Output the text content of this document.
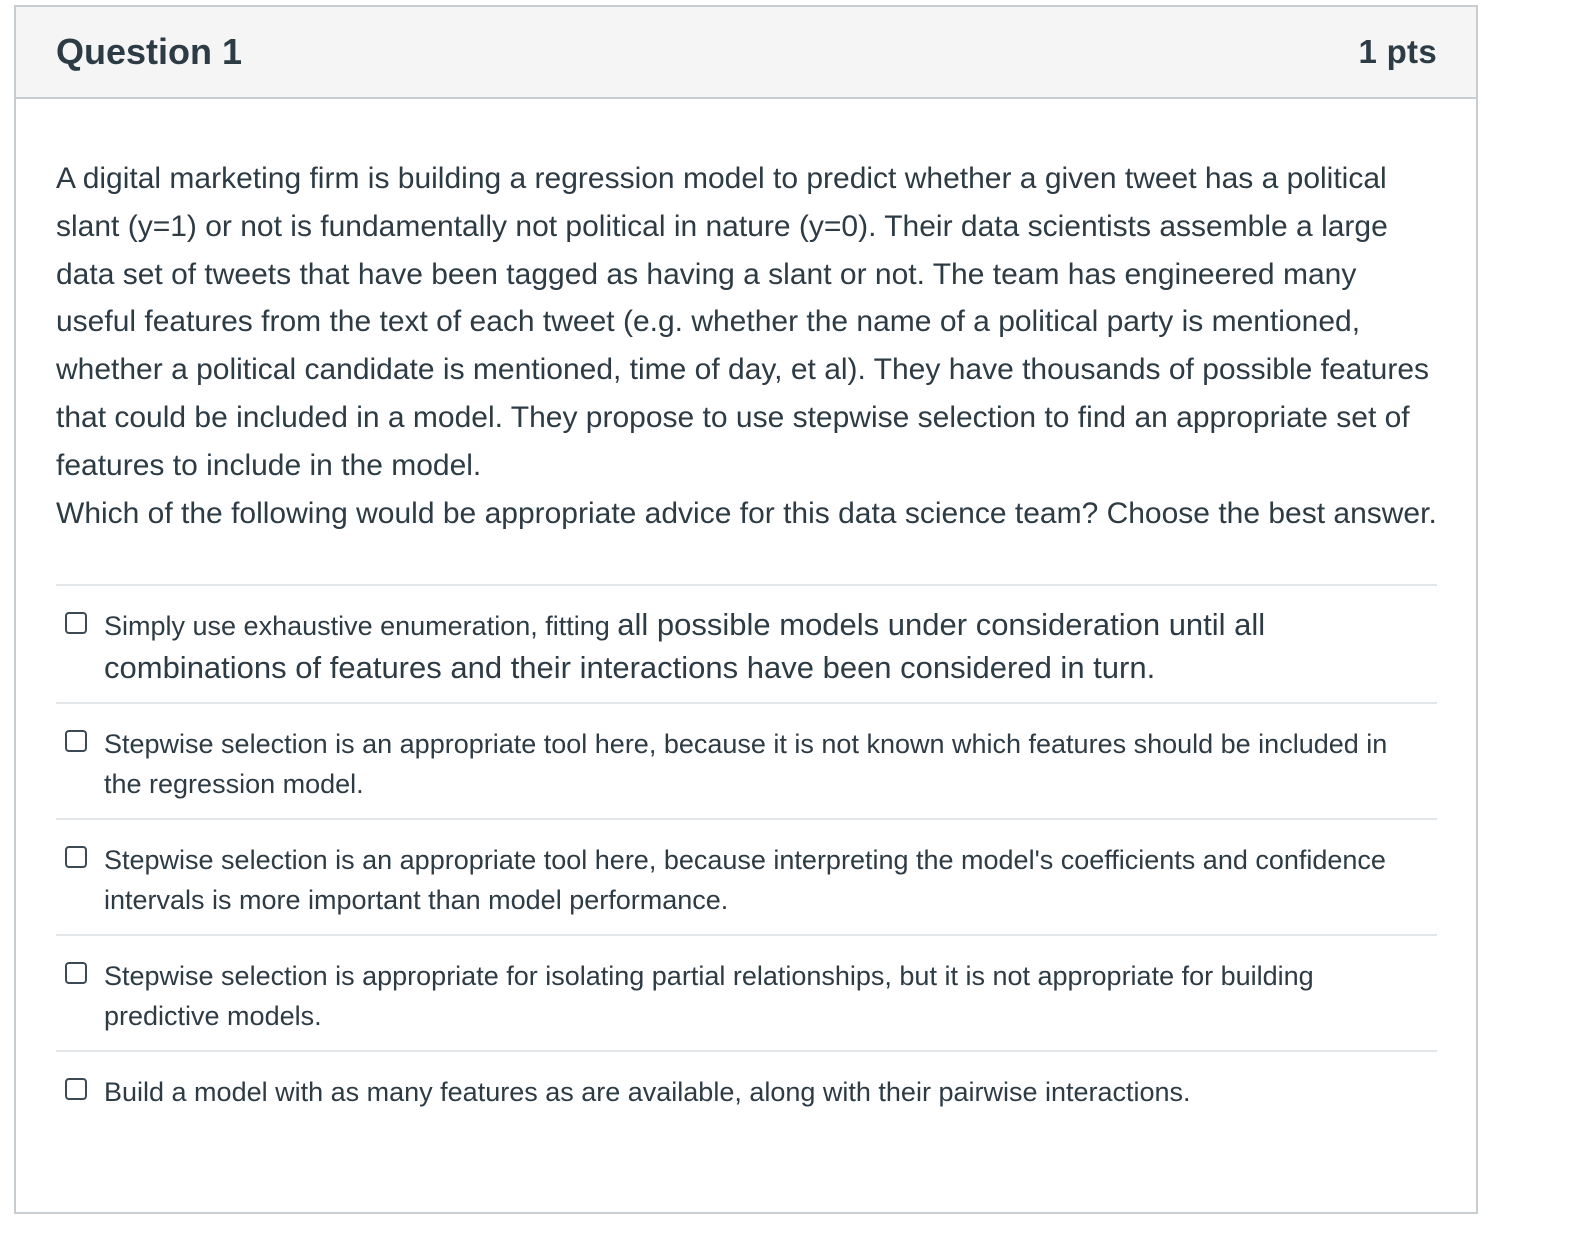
Question 1	1 pts

A digital marketing firm is building a regression model to predict whether a given tweet has a political slant (y=1) or not is fundamentally not political in nature (y=0). Their data scientists assemble a large data set of tweets that have been tagged as having a slant or not. The team has engineered many useful features from the text of each tweet (e.g. whether the name of a political party is mentioned, whether a political candidate is mentioned, time of day, et al). They have thousands of possible features that could be included in a model. They propose to use stepwise selection to find an appropriate set of features to include in the model.

Which of the following would be appropriate advice for this data science team? Choose the best answer.

Simply use exhaustive enumeration, fitting all possible models under consideration until all combinations of features and their interactions have been considered in turn.
Stepwise selection is an appropriate tool here, because it is not known which features should be included in the regression model.
Stepwise selection is an appropriate tool here, because interpreting the model's coefficients and confidence intervals is more important than model performance.
Stepwise selection is appropriate for isolating partial relationships, but it is not appropriate for building predictive models.
Build a model with as many features as are available, along with their pairwise interactions.
